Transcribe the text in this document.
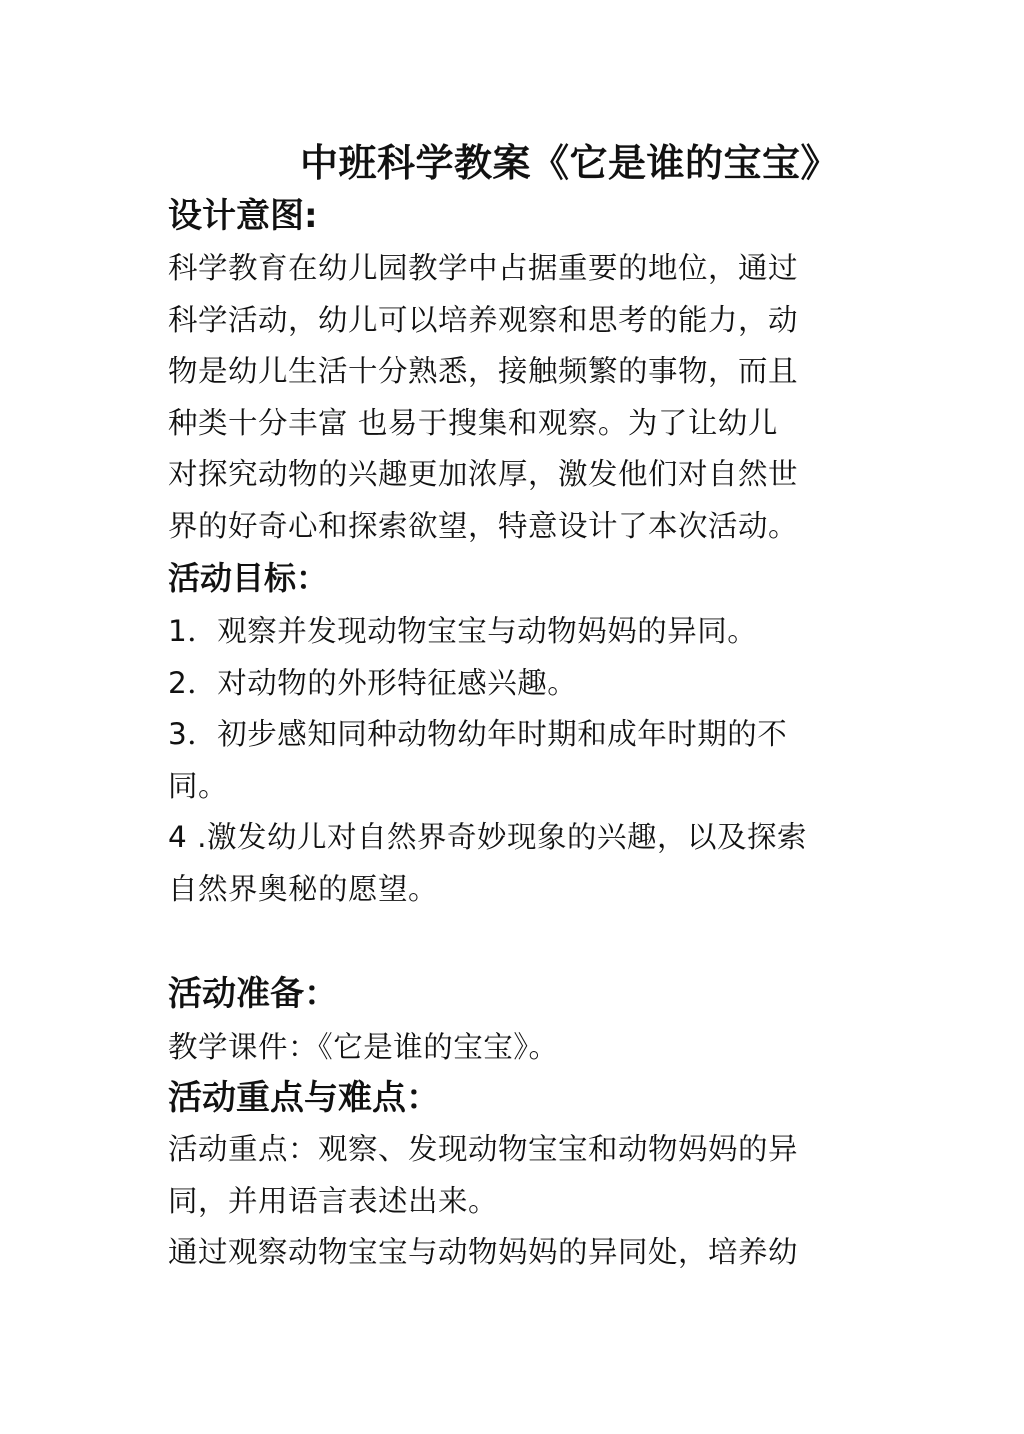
中班科学教案《它是谁的宝宝》
设计意图:
科学教育在幼儿园教学中占据重要的地位，通过
科学活动，幼儿可以培养观察和思考的能力，动
物是幼儿生活十分熟悉，接触频繁的事物，而且
种类十分丰富 也易于搜集和观察。为了让幼儿
对探究动物的兴趣更加浓厚，激发他们对自然世
界的好奇心和探索欲望，特意设计了本次活动。
活动目标：
1．观察并发现动物宝宝与动物妈妈的异同。
2．对动物的外形特征感兴趣。
3．初步感知同种动物幼年时期和成年时期的不
同。
4 .激发幼儿对自然界奇妙现象的兴趣，以及探索
自然界奥秘的愿望。
活动准备：
教学课件：《它是谁的宝宝》。
活动重点与难点：
活动重点：观察、发现动物宝宝和动物妈妈的异
同，并用语言表述出来。
通过观察动物宝宝与动物妈妈的异同处，培养幼
